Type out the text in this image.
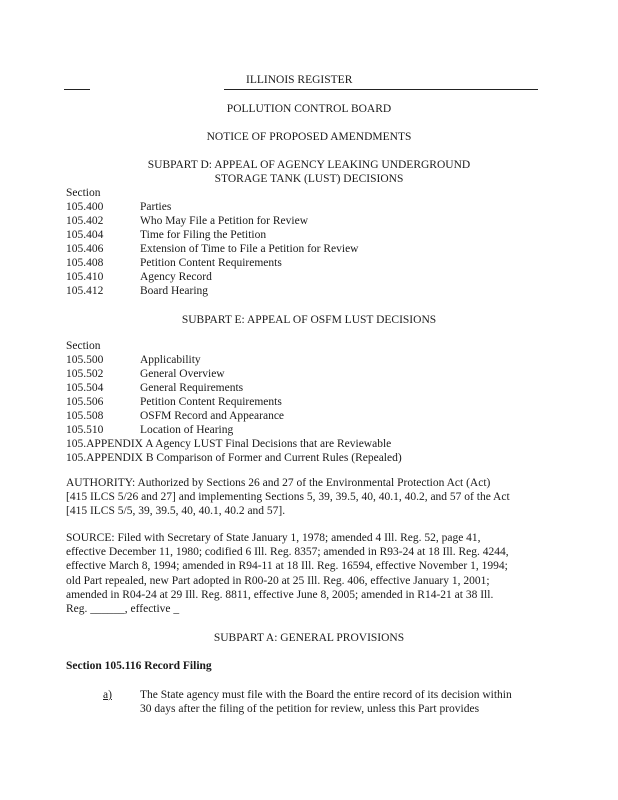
ILLINOIS REGISTER
POLLUTION CONTROL BOARD
NOTICE OF PROPOSED AMENDMENTS
SUBPART D: APPEAL OF AGENCY LEAKING UNDERGROUND
STORAGE TANK (LUST) DECISIONS
Section
105.400	Parties
105.402	Who May File a Petition for Review
105.404	Time for Filing the Petition
105.406	Extension of Time to File a Petition for Review
105.408	Petition Content Requirements
105.410	Agency Record
105.412	Board Hearing
SUBPART E: APPEAL OF OSFM LUST DECISIONS
Section
105.500	Applicability
105.502	General Overview
105.504	General Requirements
105.506	Petition Content Requirements
105.508	OSFM Record and Appearance
105.510	Location of Hearing
105.APPENDIX A Agency LUST Final Decisions that are Reviewable
105.APPENDIX B Comparison of Former and Current Rules (Repealed)
AUTHORITY: Authorized by Sections 26 and 27 of the Environmental Protection Act (Act)
[415 ILCS 5/26 and 27] and implementing Sections 5, 39, 39.5, 40, 40.1, 40.2, and 57 of the Act
[415 ILCS 5/5, 39, 39.5, 40, 40.1, 40.2 and 57].
SOURCE: Filed with Secretary of State January 1, 1978; amended 4 Ill. Reg. 52, page 41,
effective December 11, 1980; codified 6 Ill. Reg. 8357; amended in R93-24 at 18 Ill. Reg. 4244,
effective March 8, 1994; amended in R94-11 at 18 Ill. Reg. 16594, effective November 1, 1994;
old Part repealed, new Part adopted in R00-20 at 25 Ill. Reg. 406, effective January 1, 2001;
amended in R04-24 at 29 Ill. Reg. 8811, effective June 8, 2005; amended in R14-21 at 38 Ill.
Reg. ______, effective _
SUBPART A: GENERAL PROVISIONS
Section 105.116 Record Filing
a) The State agency must file with the Board the entire record of its decision within
30 days after the filing of the petition for review, unless this Part provides
